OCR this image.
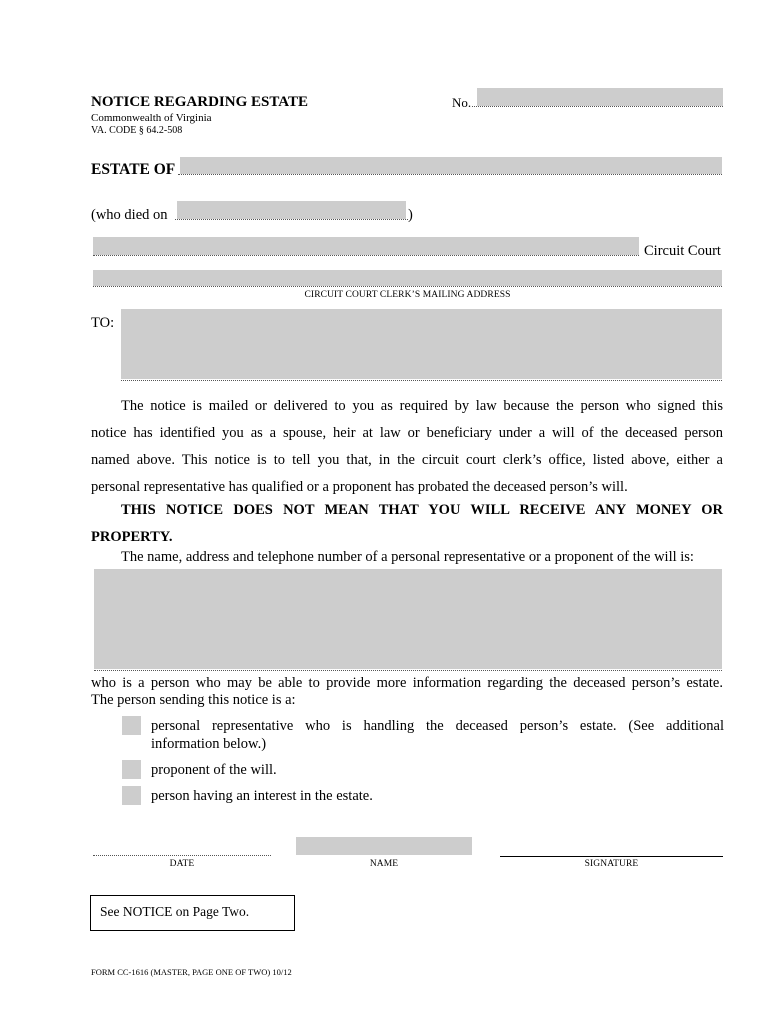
NOTICE REGARDING ESTATE
Commonwealth of Virginia
VA. CODE § 64.2-508
No.
ESTATE OF
(who died on	)
Circuit Court
CIRCUIT COURT CLERK’S MAILING ADDRESS
TO:
The notice is mailed or delivered to you as required by law because the person who signed this
notice has identified you as a spouse, heir at law or beneficiary under a will of the deceased person
named above. This notice is to tell you that, in the circuit court clerk’s office, listed above, either a
personal representative has qualified or a proponent has probated the deceased person’s will.
THIS NOTICE DOES NOT MEAN THAT YOU WILL RECEIVE ANY MONEY OR
PROPERTY.
The name, address and telephone number of a personal representative or a proponent of the will is:
who is a person who may be able to provide more information regarding the deceased person’s estate.
The person sending this notice is a:
personal representative who is handling the deceased person’s estate. (See additional
information below.)
proponent of the will.
person having an interest in the estate.
DATE	NAME	SIGNATURE
See NOTICE on Page Two.
FORM CC-1616 (MASTER, PAGE ONE OF TWO) 10/12
